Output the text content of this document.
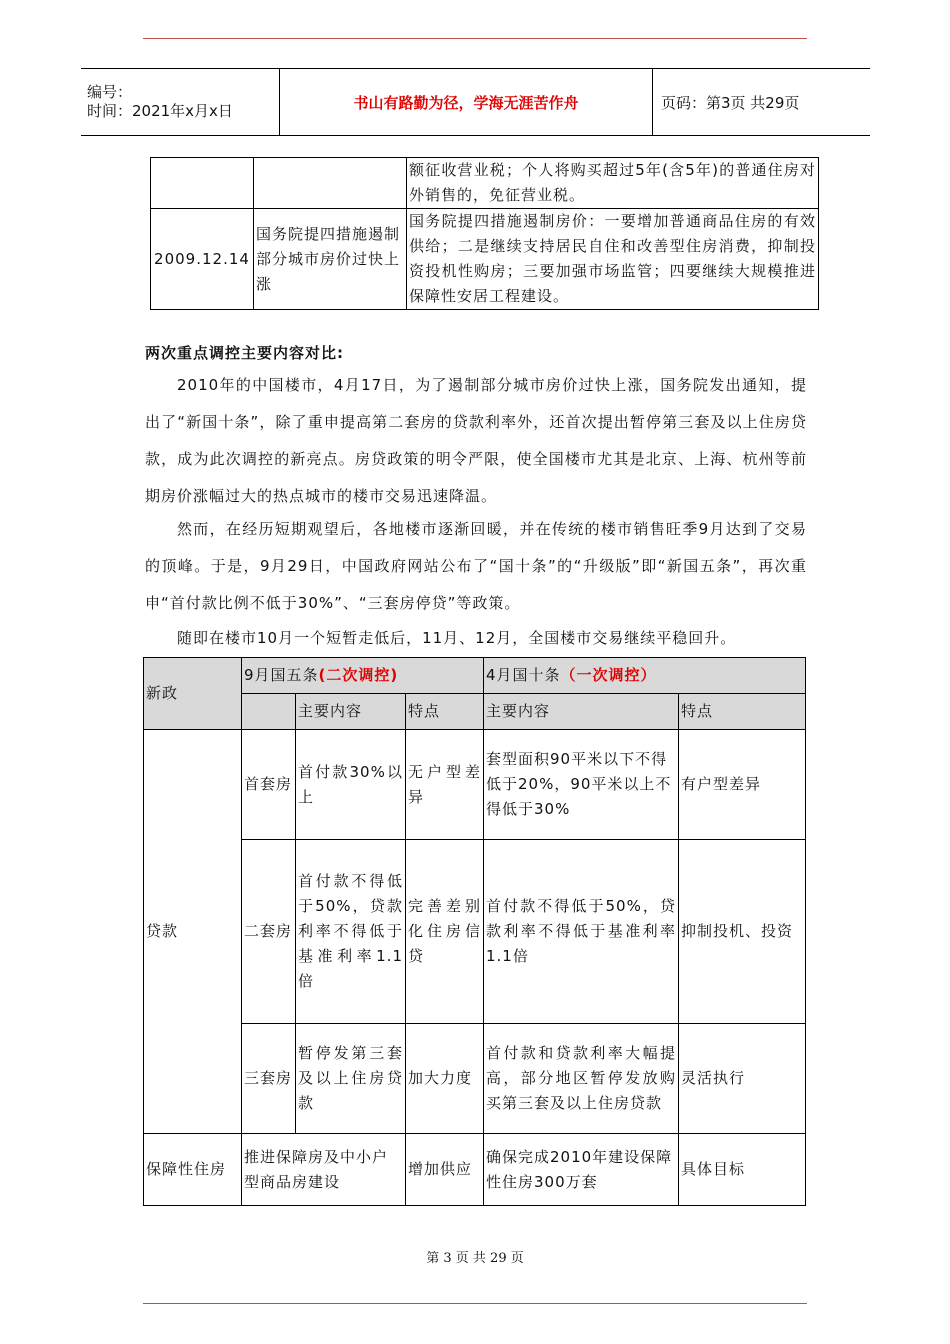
编号：
时间：2021年x月x日	书山有路勤为径，学海无涯苦作舟	页码：第3页 共29页
		额征收营业税；个人将购买超过5年(含5年)的普通住房对外销售的，免征营业税。
2009.12.14	国务院提四措施遏制部分城市房价过快上涨	国务院提四措施遏制房价：一要增加普通商品住房的有效供给；二是继续支持居民自住和改善型住房消费，抑制投资投机性购房；三要加强市场监管；四要继续大规模推进保障性安居工程建设。

两次重点调控主要内容对比:

2010年的中国楼市，4月17日，为了遏制部分城市房价过快上涨，国务院发出通知，提出了“新国十条”，除了重申提高第二套房的贷款利率外，还首次提出暂停第三套及以上住房贷款，成为此次调控的新亮点。房贷政策的明令严限，使全国楼市尤其是北京、上海、杭州等前期房价涨幅过大的热点城市的楼市交易迅速降温。

然而，在经历短期观望后，各地楼市逐渐回暖，并在传统的楼市销售旺季9月达到了交易的顶峰。于是，9月29日，中国政府网站公布了“国十条”的“升级版”即“新国五条”，再次重申“首付款比例不低于30%”、“三套房停贷”等政策。

随即在楼市10月一个短暂走低后，11月、12月，全国楼市交易继续平稳回升。

新政	9月国五条(二次调控)			4月国十条（一次调控）	
		主要内容	特点	主要内容	特点
贷款	首套房	首付款30%以上	无户型差异	套型面积90平米以下不得低于20%，90平米以上不得低于30%	有户型差异
	二套房	首付款不得低于50%，贷款利率不得低于基准利率1.1倍	完善差别化住房信贷	首付款不得低于50%，贷款利率不得低于基准利率1.1倍	抑制投机、投资
	三套房	暂停发第三套及以上住房贷款	加大力度	首付款和贷款利率大幅提高，部分地区暂停发放购买第三套及以上住房贷款	灵活执行
保障性住房	推进保障房及中小户型商品房建设		增加供应	确保完成2010年建设保障性住房300万套	具体目标
第 3 页 共 29 页
